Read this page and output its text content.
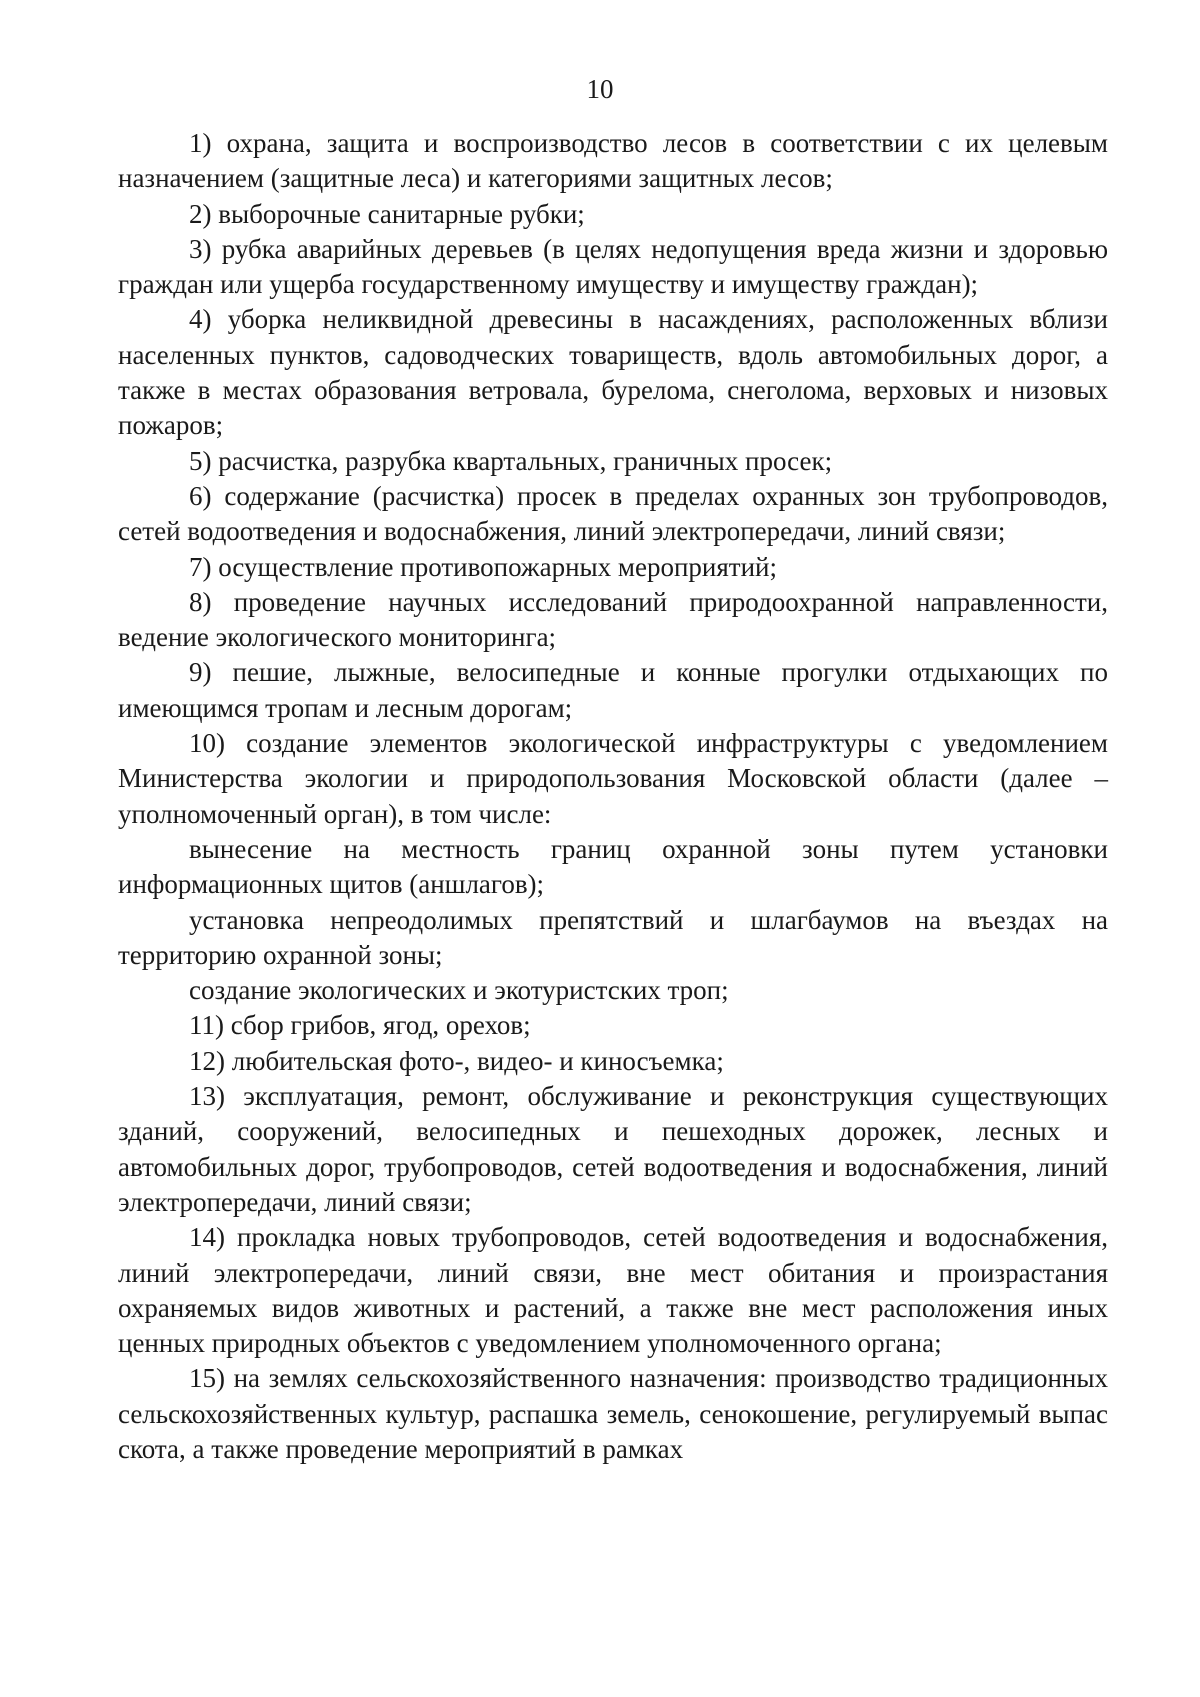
10

1) охрана, защита и воспроизводство лесов в соответствии с их целевым назначением (защитные леса) и категориями защитных лесов;

2) выборочные санитарные рубки;

3) рубка аварийных деревьев (в целях недопущения вреда жизни и здоровью граждан или ущерба государственному имуществу и имуществу граждан);

4) уборка неликвидной древесины в насаждениях, расположенных вблизи населенных пунктов, садоводческих товариществ, вдоль автомобильных дорог, а также в местах образования ветровала, бурелома, снеголома, верховых и низовых пожаров;

5) расчистка, разрубка квартальных, граничных просек;

6) содержание (расчистка) просек в пределах охранных зон трубопроводов, сетей водоотведения и водоснабжения, линий электропередачи, линий связи;

7) осуществление противопожарных мероприятий;

8) проведение научных исследований природоохранной направленности, ведение экологического мониторинга;

9) пешие, лыжные, велосипедные и конные прогулки отдыхающих по имеющимся тропам и лесным дорогам;

10) создание элементов экологической инфраструктуры с уведомлением Министерства экологии и природопользования Московской области (далее – уполномоченный орган), в том числе:

вынесение на местность границ охранной зоны путем установки информационных щитов (аншлагов);

установка непреодолимых препятствий и шлагбаумов на въездах на территорию охранной зоны;

создание экологических и экотуристских троп;

11) сбор грибов, ягод, орехов;

12) любительская фото-, видео- и киносъемка;

13) эксплуатация, ремонт, обслуживание и реконструкция существующих зданий, сооружений, велосипедных и пешеходных дорожек, лесных и автомобильных дорог, трубопроводов, сетей водоотведения и водоснабжения, линий электропередачи, линий связи;

14) прокладка новых трубопроводов, сетей водоотведения и водоснабжения, линий электропередачи, линий связи, вне мест обитания и произрастания охраняемых видов животных и растений, а также вне мест расположения иных ценных природных объектов с уведомлением уполномоченного органа;

15) на землях сельскохозяйственного назначения: производство традиционных сельскохозяйственных культур, распашка земель, сенокошение, регулируемый выпас скота, а также проведение мероприятий в рамках
